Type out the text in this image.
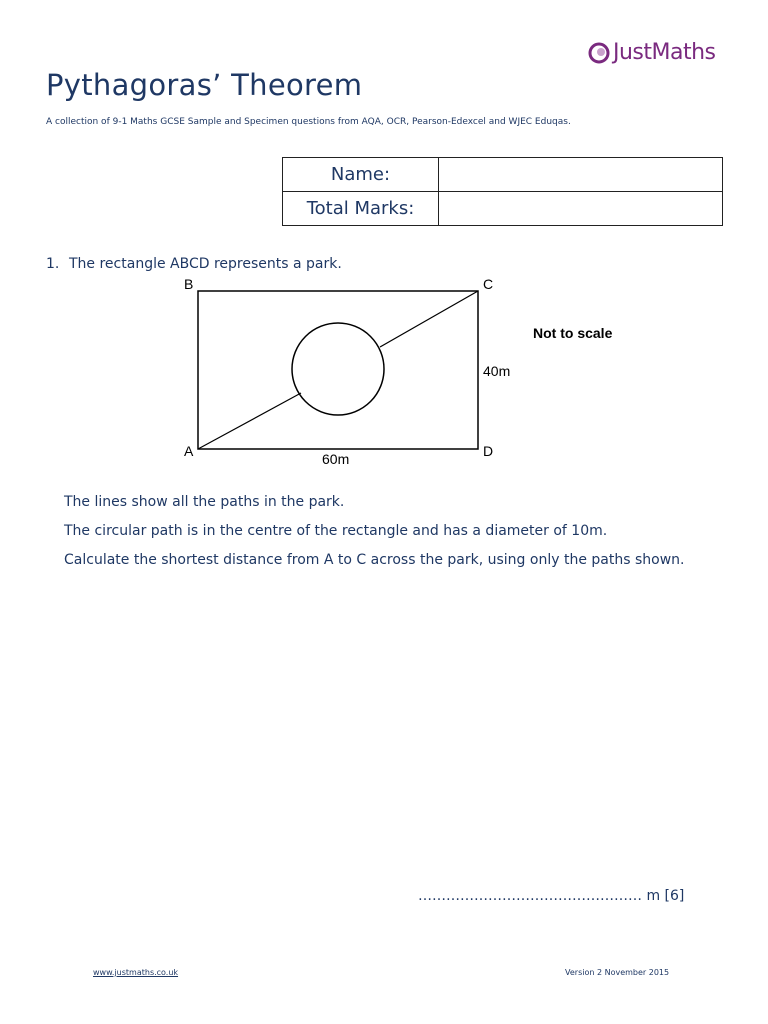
JustMaths
Pythagoras’ Theorem
A collection of 9-1 Maths GCSE Sample and Specimen questions from AQA, OCR, Pearson-Edexcel and WJEC Eduqas.
Name:	
Total Marks:	
1. The rectangle ABCD represents a park.
B	C
A	D
40m
60m
Not to scale
The lines show all the paths in the park.
The circular path is in the centre of the rectangle and has a diameter of 10m.
Calculate the shortest distance from A to C across the park, using only the paths shown.
………………………………………… m [6]
www.justmaths.co.uk	Version 2 November 2015
